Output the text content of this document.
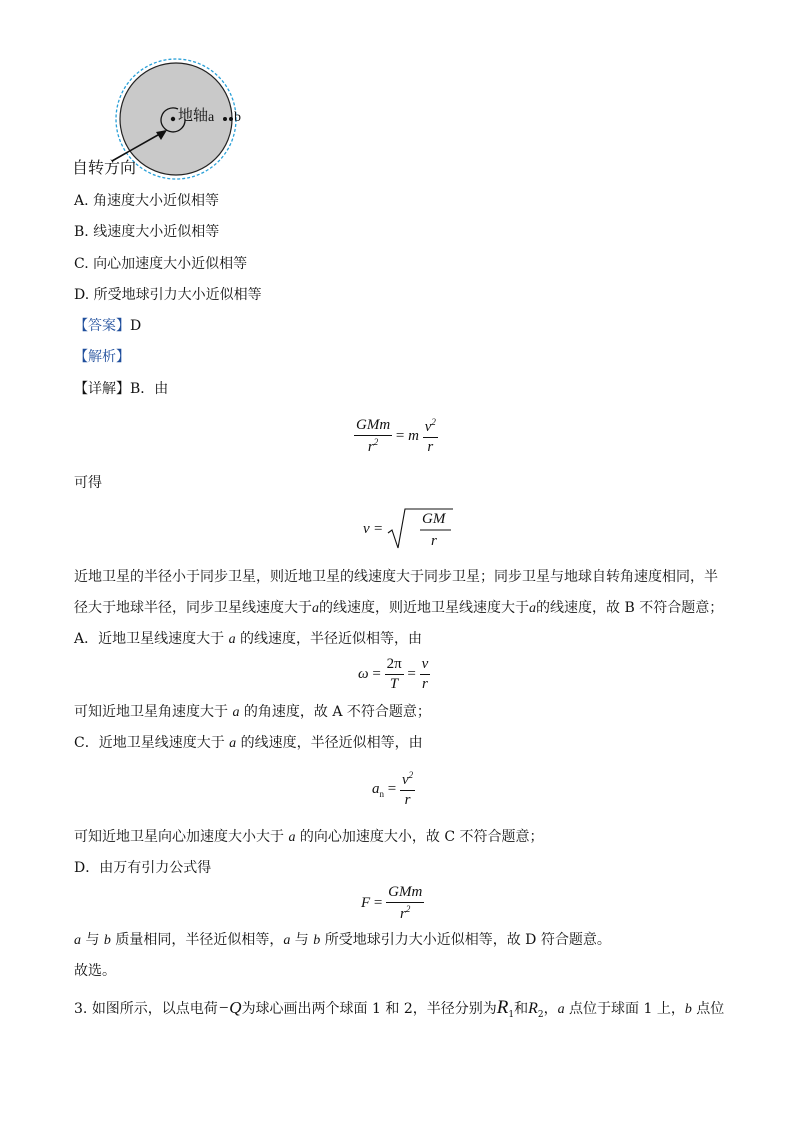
地轴 a b
自转方向
A. 角速度大小近似相等
B. 线速度大小近似相等
C. 向心加速度大小近似相等
D. 所受地球引力大小近似相等
【答案】D
【解析】
【详解】B．由
$\frac{\text{GMm}}{r^2} = m \frac{v^2}{r}$
可得
v =
GM
r
近地卫星的半径小于同步卫星，则近地卫星的线速度大于同步卫星；同步卫星与地球自转角速度相同，半
径大于地球半径，同步卫星线速度大于a的线速度，则近地卫星线速度大于a的线速度，故 B 不符合题意；
A．近地卫星线速度大于 a 的线速度，半径近似相等，由
$\omega = \frac{2\pi}{T} = \frac{v}{r}$
可知近地卫星角速度大于 a 的角速度，故 A 不符合题意；
C．近地卫星线速度大于 a 的线速度，半径近似相等，由
$a_n = \frac{v^2}{r}$
可知近地卫星向心加速度大小大于 a 的向心加速度大小，故 C 不符合题意；
D．由万有引力公式得
$F = \frac{\text{GMm}}{r^2}$
a 与 b 质量相同，半径近似相等，a 与 b 所受地球引力大小近似相等，故 D 符合题意。
故选。
3. 如图所示，以点电荷−Q为球心画出两个球面 1 和 2，半径分别为$R_1$和$R_2$，a 点位于球面 1 上，b 点位
